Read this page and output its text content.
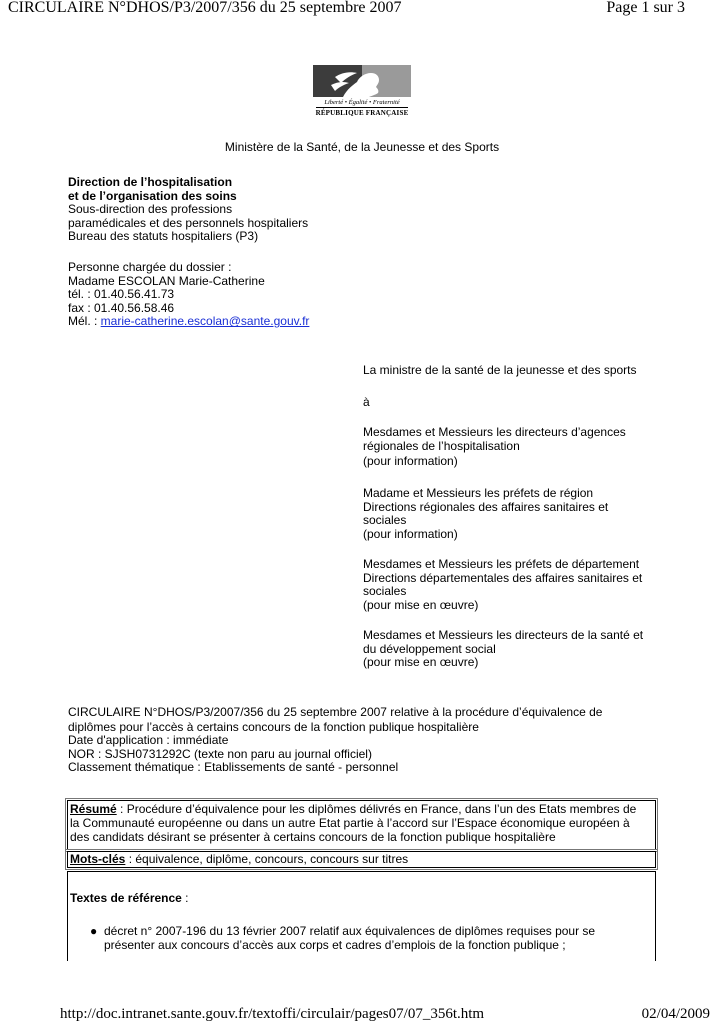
CIRCULAIRE N°DHOS/P3/2007/356 du 25 septembre 2007	Page 1 sur 3
Liberté • Égalité • Fraternité
RÉPUBLIQUE FRANÇAISE
Ministère de la Santé, de la Jeunesse et des Sports
Direction de l’hospitalisation
et de l’organisation des soins
Sous-direction des professions
paramédicales et des personnels hospitaliers
Bureau des statuts hospitaliers (P3)
Personne chargée du dossier :
Madame ESCOLAN Marie-Catherine
tél. : 01.40.56.41.73
fax : 01.40.56.58.46
Mél. : marie-catherine.escolan@sante.gouv.fr
La ministre de la santé de la jeunesse et des sports
à
Mesdames et Messieurs les directeurs d’agences
régionales de l’hospitalisation
(pour information)
Madame et Messieurs les préfets de région
Directions régionales des affaires sanitaires et
sociales
(pour information)
Mesdames et Messieurs les préfets de département
Directions départementales des affaires sanitaires et
sociales
(pour mise en œuvre)
Mesdames et Messieurs les directeurs de la santé et
du développement social
(pour mise en œuvre)
CIRCULAIRE N°DHOS/P3/2007/356 du 25 septembre 2007 relative à la procédure d’équivalence de
diplômes pour l’accès à certains concours de la fonction publique hospitalière
Date d'application : immédiate
NOR : SJSH0731292C (texte non paru au journal officiel)
Classement thématique : Etablissements de santé - personnel
Résumé : Procédure d’équivalence pour les diplômes délivrés en France, dans l’un des Etats membres de
la Communauté européenne ou dans un autre Etat partie à l’accord sur l’Espace économique européen à
des candidats désirant se présenter à certains concours de la fonction publique hospitalière
Mots-clés : équivalence, diplôme, concours, concours sur titres
Textes de référence :
● décret n° 2007-196 du 13 février 2007 relatif aux équivalences de diplômes requises pour se
présenter aux concours d’accès aux corps et cadres d’emplois de la fonction publique ;
http://doc.intranet.sante.gouv.fr/textoffi/circulair/pages07/07_356t.htm	02/04/2009
